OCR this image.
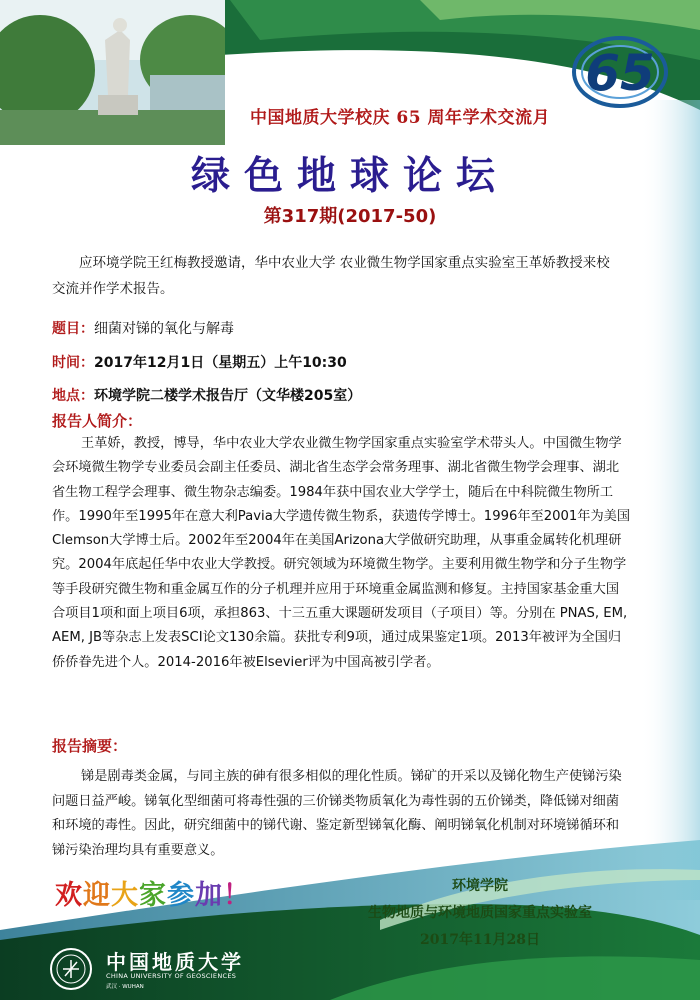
65
中国地质大学校庆 65 周年学术交流月
绿色地球论坛
第317期(2017-50)
应环境学院王红梅教授邀请，华中农业大学 农业微生物学国家重点实验室王革娇教授来校交流并作学术报告。
题目：细菌对锑的氧化与解毒
时间：2017年12月1日（星期五）上午10:30
地点：环境学院二楼学术报告厅（文华楼205室）
报告人简介：
王革娇，教授，博导，华中农业大学农业微生物学国家重点实验室学术带头人。中国微生物学会环境微生物学专业委员会副主任委员、湖北省生态学会常务理事、湖北省微生物学会理事、湖北省生物工程学会理事、微生物杂志编委。1984年获中国农业大学学士，随后在中科院微生物所工作。1990年至1995年在意大利Pavia大学遗传微生物系，获遗传学博士。1996年至2001年为美国Clemson大学博士后。2002年至2004年在美国Arizona大学做研究助理，从事重金属转化机理研究。2004年底起任华中农业大学教授。研究领域为环境微生物学。主要利用微生物学和分子生物学等手段研究微生物和重金属互作的分子机理并应用于环境重金属监测和修复。主持国家基金重大国合项目1项和面上项目6项，承担863、十三五重大课题研发项目（子项目）等。分别在 PNAS, EM, AEM, JB等杂志上发表SCI论文130余篇。获批专利9项，通过成果鉴定1项。2013年被评为全国归侨侨眷先进个人。2014-2016年被Elsevier评为中国高被引学者。
报告摘要：
锑是剧毒类金属，与同主族的砷有很多相似的理化性质。锑矿的开采以及锑化物生产使锑污染问题日益严峻。锑氧化型细菌可将毒性强的三价锑类物质氧化为毒性弱的五价锑类，降低锑对细菌和环境的毒性。因此，研究细菌中的锑代谢、鉴定新型锑氧化酶、阐明锑氧化机制对环境锑循环和锑污染治理均具有重要意义。
欢迎大家参加！	环境学院
生物地质与环境地质国家重点实验室
2017年11月28日
中国地质大学
CHINA UNIVERSITY OF GEOSCIENCES
武汉 · WUHAN
